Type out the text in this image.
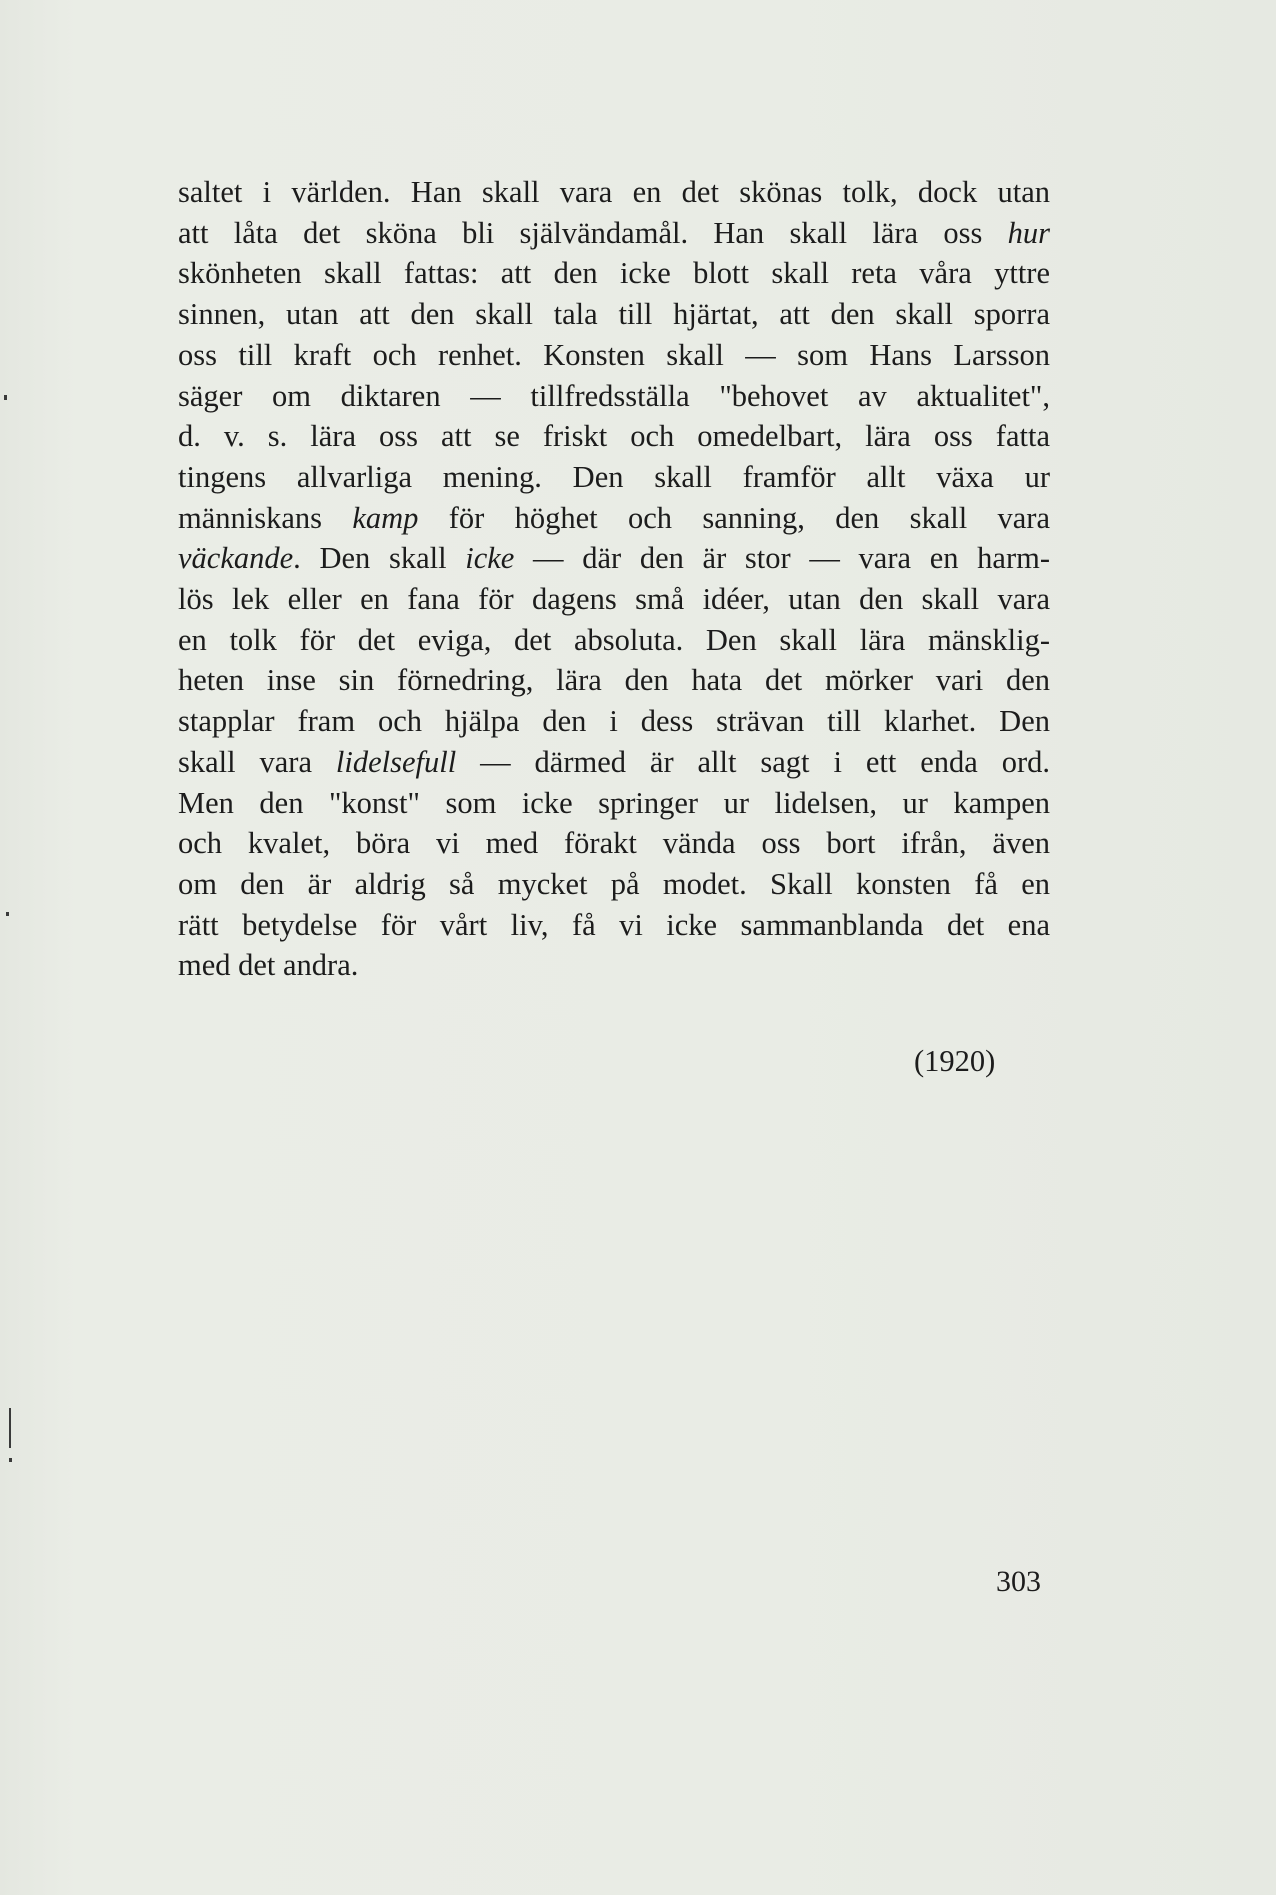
saltet i världen. Han skall vara en det skönas tolk, dock utan
att låta det sköna bli självändamål. Han skall lära oss hur
skönheten skall fattas: att den icke blott skall reta våra yttre
sinnen, utan att den skall tala till hjärtat, att den skall sporra
oss till kraft och renhet. Konsten skall — som Hans Larsson
säger om diktaren — tillfredsställa "behovet av aktualitet",
d. v. s. lära oss att se friskt och omedelbart, lära oss fatta
tingens allvarliga mening. Den skall framför allt växa ur
människans kamp för höghet och sanning, den skall vara
väckande. Den skall icke — där den är stor — vara en harm-
lös lek eller en fana för dagens små idéer, utan den skall vara
en tolk för det eviga, det absoluta. Den skall lära mänsklig-
heten inse sin förnedring, lära den hata det mörker vari den
stapplar fram och hjälpa den i dess strävan till klarhet. Den
skall vara lidelsefull — därmed är allt sagt i ett enda ord.
Men den "konst" som icke springer ur lidelsen, ur kampen
och kvalet, böra vi med förakt vända oss bort ifrån, även
om den är aldrig så mycket på modet. Skall konsten få en
rätt betydelse för vårt liv, få vi icke sammanblanda det ena
med det andra.
(1920)
303
